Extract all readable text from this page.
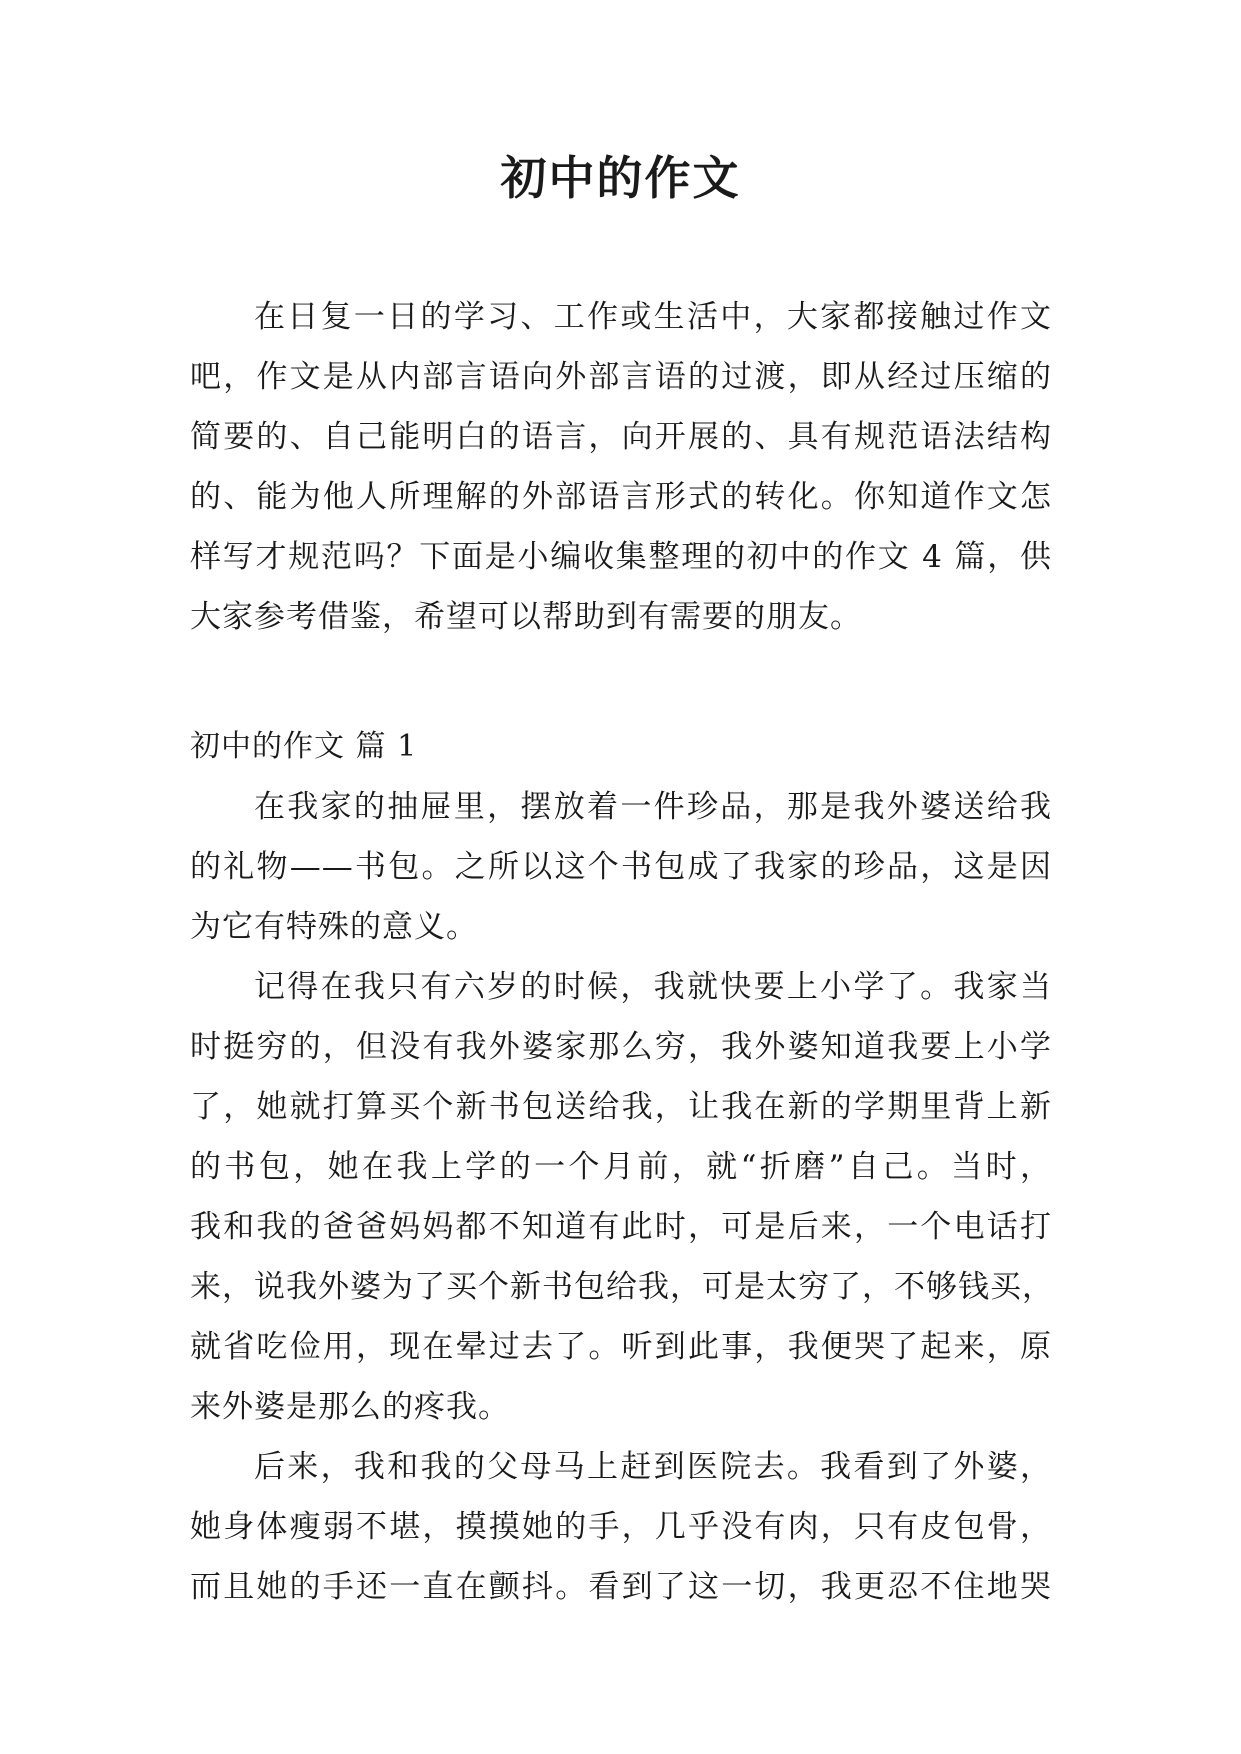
初中的作文
在日复一日的学习、工作或生活中，大家都接触过作文
吧，作文是从内部言语向外部言语的过渡，即从经过压缩的
简要的、自己能明白的语言，向开展的、具有规范语法结构
的、能为他人所理解的外部语言形式的转化。你知道作文怎
样写才规范吗？下面是小编收集整理的初中的作文 4 篇，供
大家参考借鉴，希望可以帮助到有需要的朋友。
初中的作文 篇 1
在我家的抽屉里，摆放着一件珍品，那是我外婆送给我
的礼物——书包。之所以这个书包成了我家的珍品，这是因
为它有特殊的意义。
记得在我只有六岁的时候，我就快要上小学了。我家当
时挺穷的，但没有我外婆家那么穷，我外婆知道我要上小学
了，她就打算买个新书包送给我，让我在新的学期里背上新
的书包，她在我上学的一个月前，就“折磨”自己。当时，
我和我的爸爸妈妈都不知道有此时，可是后来，一个电话打
来，说我外婆为了买个新书包给我，可是太穷了，不够钱买，
就省吃俭用，现在晕过去了。听到此事，我便哭了起来，原
来外婆是那么的疼我。
后来，我和我的父母马上赶到医院去。我看到了外婆，
她身体瘦弱不堪，摸摸她的手，几乎没有肉，只有皮包骨，
而且她的手还一直在颤抖。看到了这一切，我更忍不住地哭
